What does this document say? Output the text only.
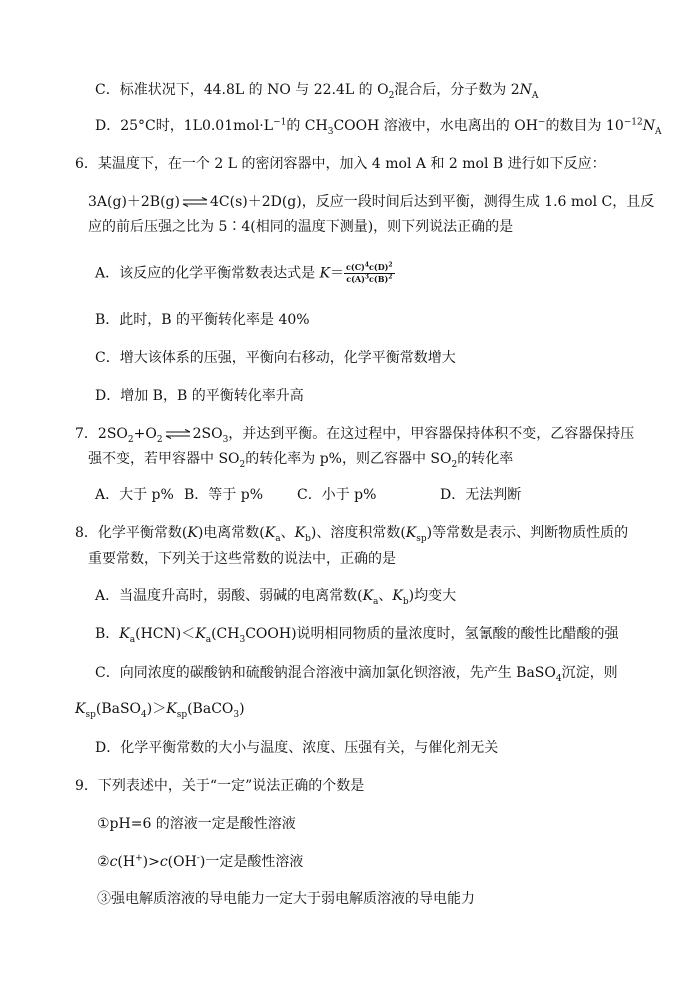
C．标准状况下，44.8L 的 NO 与 22.4L 的 $O_2$混合后，分子数为 $2N_A$
D．25°C时，$1L0.01mol\cdot L^{-1}$的 $CH_3COOH$ 溶液中，水电离出的 OH−的数目为 $10^{-12}N_A$
6．某温度下，在一个 2 L 的密闭容器中，加入 4 mol A 和 2 mol B 进行如下反应：
3A(g)＋2B(g) ⇌ 4C(s)＋2D(g)，反应一段时间后达到平衡，测得生成 1.6 mol C，且反
应的前后压强之比为 5∶4(相同的温度下测量)，则下列说法正确的是
A．该反应的化学平衡常数表达式是 $K= \frac{c(C)^4c(D)^2}{c(A)^3c(B)^2}$
B．此时，B 的平衡转化率是 40%
C．增大该体系的压强，平衡向右移动，化学平衡常数增大
D．增加 B，B 的平衡转化率升高
7．$2SO_2+O_2$ ⇌ $2SO_3$，并达到平衡。在这过程中，甲容器保持体积不变，乙容器保持压
强不变，若甲容器中 $SO_2$的转化率为 p%，则乙容器中 $SO_2$的转化率
A．大于 p% B．等于 p% C．小于 p%	D．无法判断
8．化学平衡常数(K)电离常数($K_a$、$K_b$)、溶度积常数$(K_{sp})$等常数是表示、判断物质性质的
重要常数，下列关于这些常数的说法中，正确的是
A．当温度升高时，弱酸、弱碱的电离常数($K_a$、$K_b$)均变大
B．$K_a(HCN)<K_a(CH_3COOH)$说明相同物质的量浓度时，氢氰酸的酸性比醋酸的强
C．向同浓度的碳酸钠和硫酸钠混合溶液中滴加氯化钡溶液，先产生 BaSO$_4$沉淀，则
$K_{sp}(BaSO_4)>K_{sp}(BaCO_3)$
D．化学平衡常数的大小与温度、浓度、压强有关，与催化剂无关
9．下列表述中，关于“一定”说法正确的个数是
①pH=6 的溶液一定是酸性溶液
②c(H+)>c(OH-)一定是酸性溶液
③强电解质溶液的导电能力一定大于弱电解质溶液的导电能力
